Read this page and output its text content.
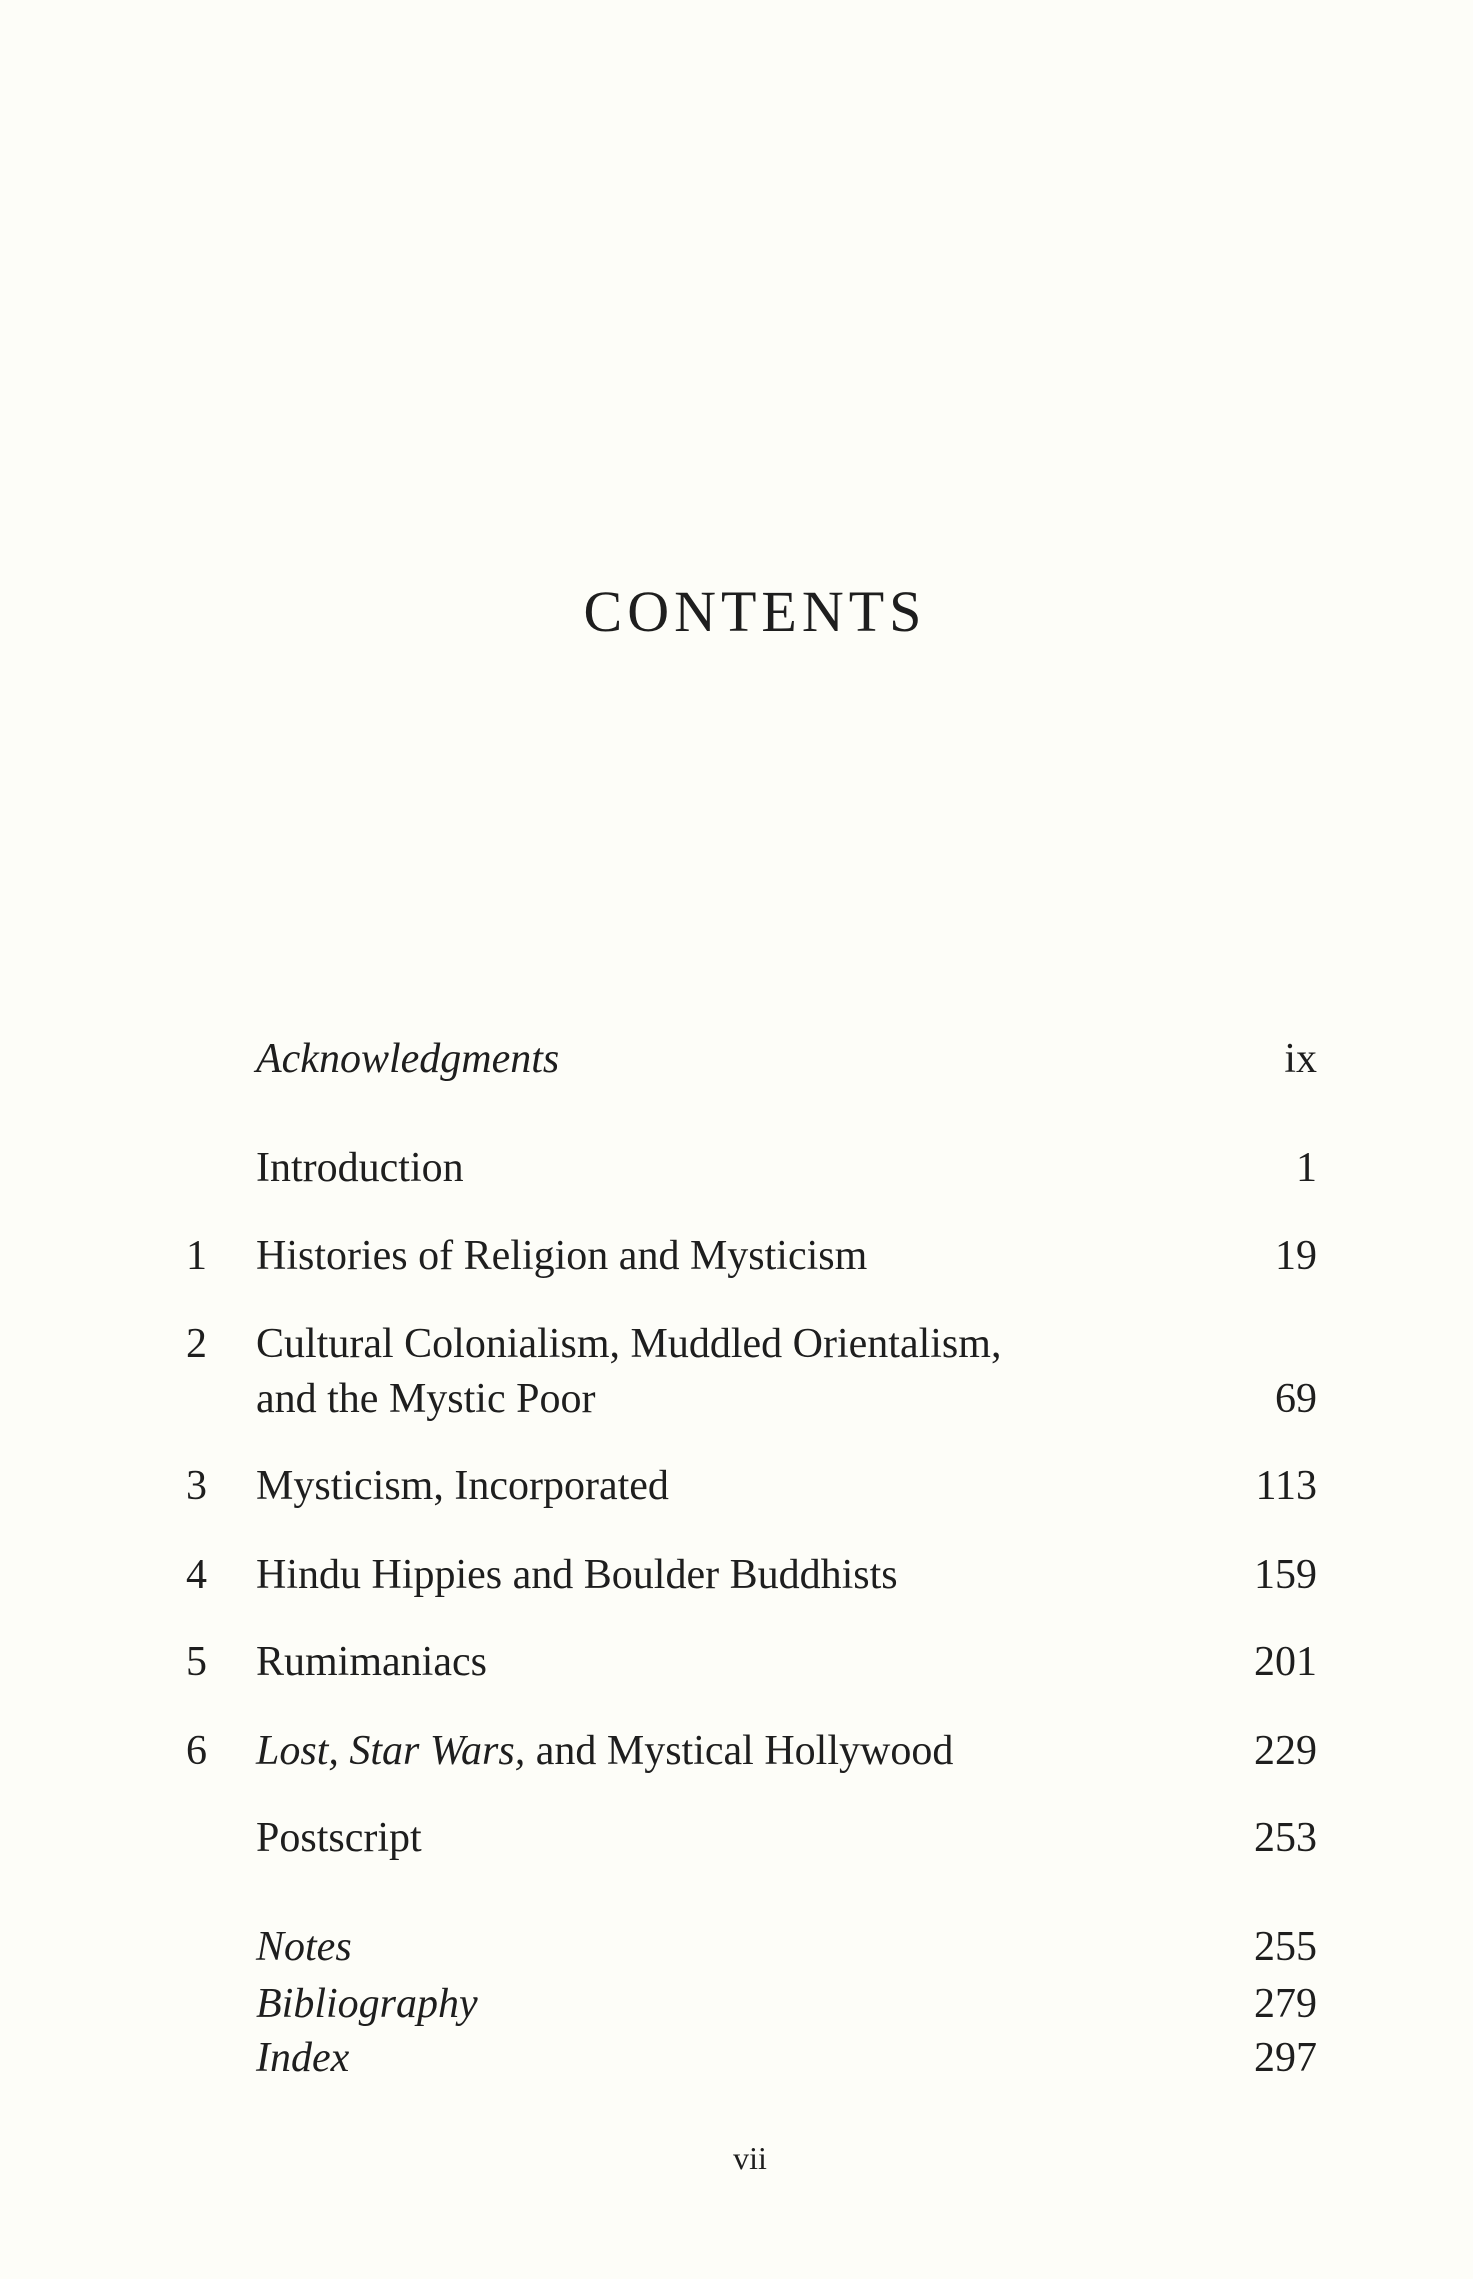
CONTENTS
Acknowledgments	ix
Introduction	1
1 Histories of Religion and Mysticism	19
2 Cultural Colonialism, Muddled Orientalism,
and the Mystic Poor	69
3 Mysticism, Incorporated	113
4 Hindu Hippies and Boulder Buddhists	159
5 Rumimaniacs	201
6 Lost, Star Wars, and Mystical Hollywood	229
Postscript	253
Notes	255
Bibliography	279
Index	297
vii
